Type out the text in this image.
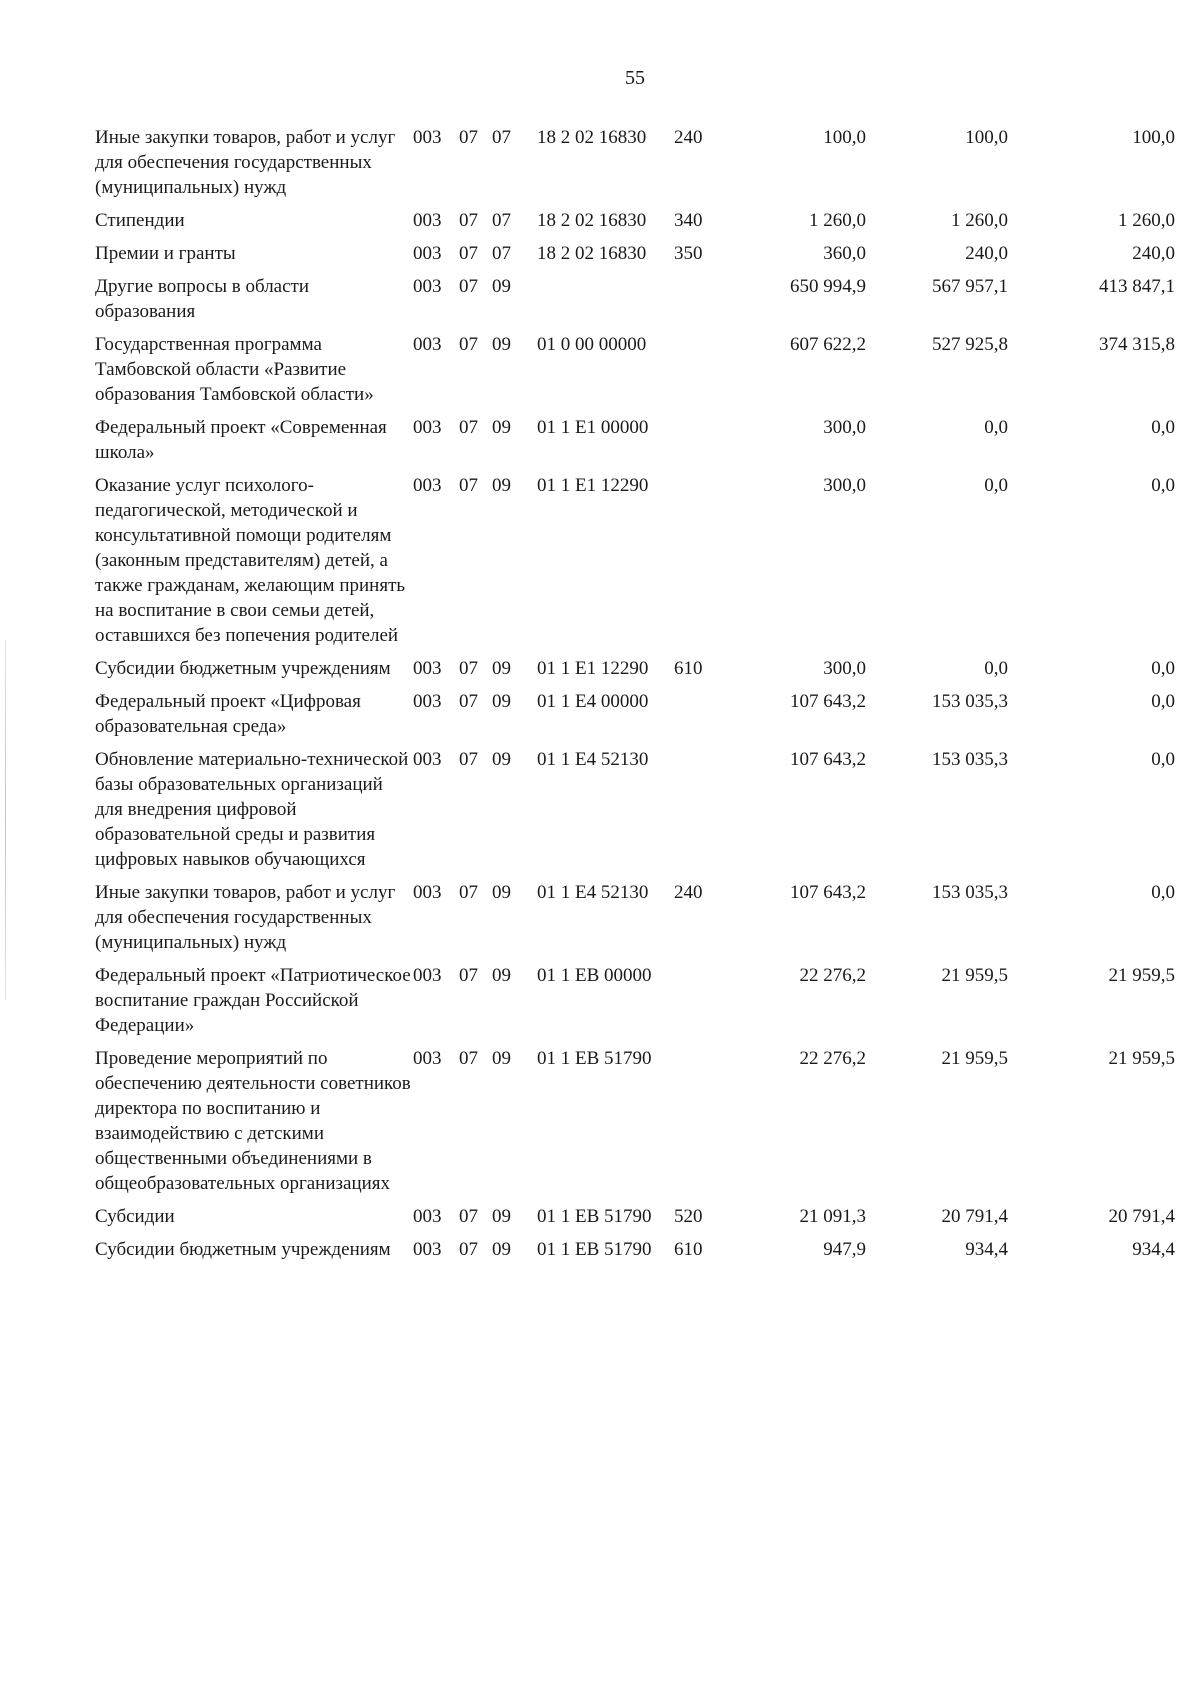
55
Иные закупки товаров, работ и услуг для обеспечения государственных (муниципальных) нужд	003	07	07	18 2 02 16830	240	100,0	100,0	100,0
Стипендии	003	07	07	18 2 02 16830	340	1 260,0	1 260,0	1 260,0
Премии и гранты	003	07	07	18 2 02 16830	350	360,0	240,0	240,0
Другие вопросы в области образования	003	07	09			650 994,9	567 957,1	413 847,1
Государственная программа Тамбовской области «Развитие образования Тамбовской области»	003	07	09	01 0 00 00000		607 622,2	527 925,8	374 315,8
Федеральный проект «Современная школа»	003	07	09	01 1 E1 00000		300,0	0,0	0,0
Оказание услуг психолого-педагогической, методической и консультативной помощи родителям (законным представителям) детей, а также гражданам, желающим принять на воспитание в свои семьи детей, оставшихся без попечения родителей	003	07	09	01 1 E1 12290		300,0	0,0	0,0
Субсидии бюджетным учреждениям	003	07	09	01 1 E1 12290	610	300,0	0,0	0,0
Федеральный проект «Цифровая образовательная среда»	003	07	09	01 1 E4 00000		107 643,2	153 035,3	0,0
Обновление материально-технической базы образовательных организаций для внедрения цифровой образовательной среды и развития цифровых навыков обучающихся	003	07	09	01 1 E4 52130		107 643,2	153 035,3	0,0
Иные закупки товаров, работ и услуг для обеспечения государственных (муниципальных) нужд	003	07	09	01 1 E4 52130	240	107 643,2	153 035,3	0,0
Федеральный проект «Патриотическое воспитание граждан Российской Федерации»	003	07	09	01 1 EB 00000		22 276,2	21 959,5	21 959,5
Проведение мероприятий по обеспечению деятельности советников директора по воспитанию и взаимодействию с детскими общественными объединениями в общеобразовательных организациях	003	07	09	01 1 EB 51790		22 276,2	21 959,5	21 959,5
Субсидии	003	07	09	01 1 EB 51790	520	21 091,3	20 791,4	20 791,4
Субсидии бюджетным учреждениям	003	07	09	01 1 EB 51790	610	947,9	934,4	934,4
